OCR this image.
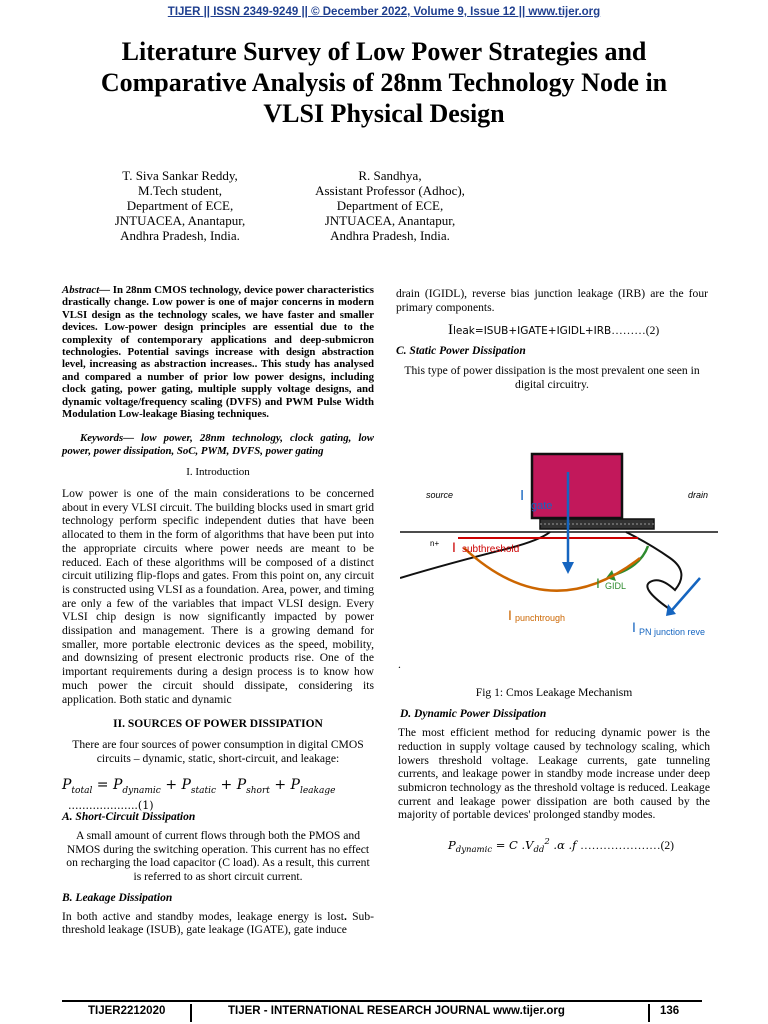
TIJER || ISSN 2349-9249 || © December 2022, Volume 9, Issue 12 || www.tijer.org
Literature Survey of Low Power Strategies and
Comparative Analysis of 28nm Technology Node in
VLSI Physical Design
T. Siva Sankar Reddy,
M.Tech student,
Department of ECE,
JNTUACEA, Anantapur,
Andhra Pradesh, India.
R. Sandhya,
Assistant Professor (Adhoc),
Department of ECE,
JNTUACEA, Anantapur,
Andhra Pradesh, India.
Abstract— In 28nm CMOS technology, device power characteristics drastically change. Low power is one of major concerns in modern VLSI design as the technology scales, we have faster and smaller devices. Low-power design principles are essential due to the complexity of contemporary applications and deep-submicron technologies. Potential savings increase with design abstraction level, increasing as abstraction increases.. This study has analysed and compared a number of prior low power designs, including clock gating, power gating, multiple supply voltage designs, and dynamic voltage/frequency scaling (DVFS) and PWM Pulse Width Modulation Low-leakage Biasing techniques.
Keywords— low power, 28nm technology, clock gating, low power, power dissipation, SoC, PWM, DVFS, power gating
I. Introduction
Low power is one of the main considerations to be concerned about in every VLSI circuit. The building blocks used in smart grid technology perform specific independent duties that have been allocated to them in the form of algorithms that have been put into the appropriate circuits where power needs are meant to be reduced. Each of these algorithms will be composed of a distinct circuit utilizing flip-flops and gates. From this point on, any circuit is constructed using VLSI as a foundation. Area, power, and timing are only a few of the variables that impact VLSI design. Every VLSI chip design is now significantly impacted by power dissipation and management. There is a growing demand for smaller, more portable electronic devices as the speed, mobility, and downsizing of present electronic products rise. One of the important requirements during a design process is to know how much power the circuit should dissipate, considering its application. Both static and dynamic
II. SOURCES OF POWER DISSIPATION
There are four sources of power consumption in digital CMOS circuits – dynamic, static, short-circuit, and leakage:
$P_{total} = P_{dynamic} + P_{static} + P_{short} + P_{leakage}$ ....................(1)
A. Short-Circuit Dissipation
A small amount of current flows through both the PMOS and NMOS during the switching operation. This current has no effect on recharging the load capacitor (C load). As a result, this current is referred to as short circuit current.
B. Leakage Dissipation
In both active and standby modes, leakage energy is lost. Sub-threshold leakage (ISUB), gate leakage (IGATE), gate induce
drain (IGIDL), reverse bias junction leakage (IRB) are the four primary components.
Ileak=ISUB+IGATE+IGIDL+IRB………(2)
C. Static Power Dissipation
This type of power dissipation is the most prevalent one seen in digital circuitry.
source	drain
n+
I
gate
I subthreshold
I GIDL
I punchtrough
I PN junction reve
.
Fig 1: Cmos Leakage Mechanism
D. Dynamic Power Dissipation
The most efficient method for reducing dynamic power is the reduction in supply voltage caused by technology scaling, which lowers threshold voltage. Leakage currents, gate tunneling currents, and leakage power in standby mode increase under deep submicron technology as the threshold voltage is reduced. Leakage current and leakage power dissipation are both caused by the majority of portable devices' prolonged standby modes.
$P_{dynamic} = C$ $.V_{dd}^2$ .α .f …………………(2)
TIJER2212020	TIJER - INTERNATIONAL RESEARCH JOURNAL www.tijer.org	136
